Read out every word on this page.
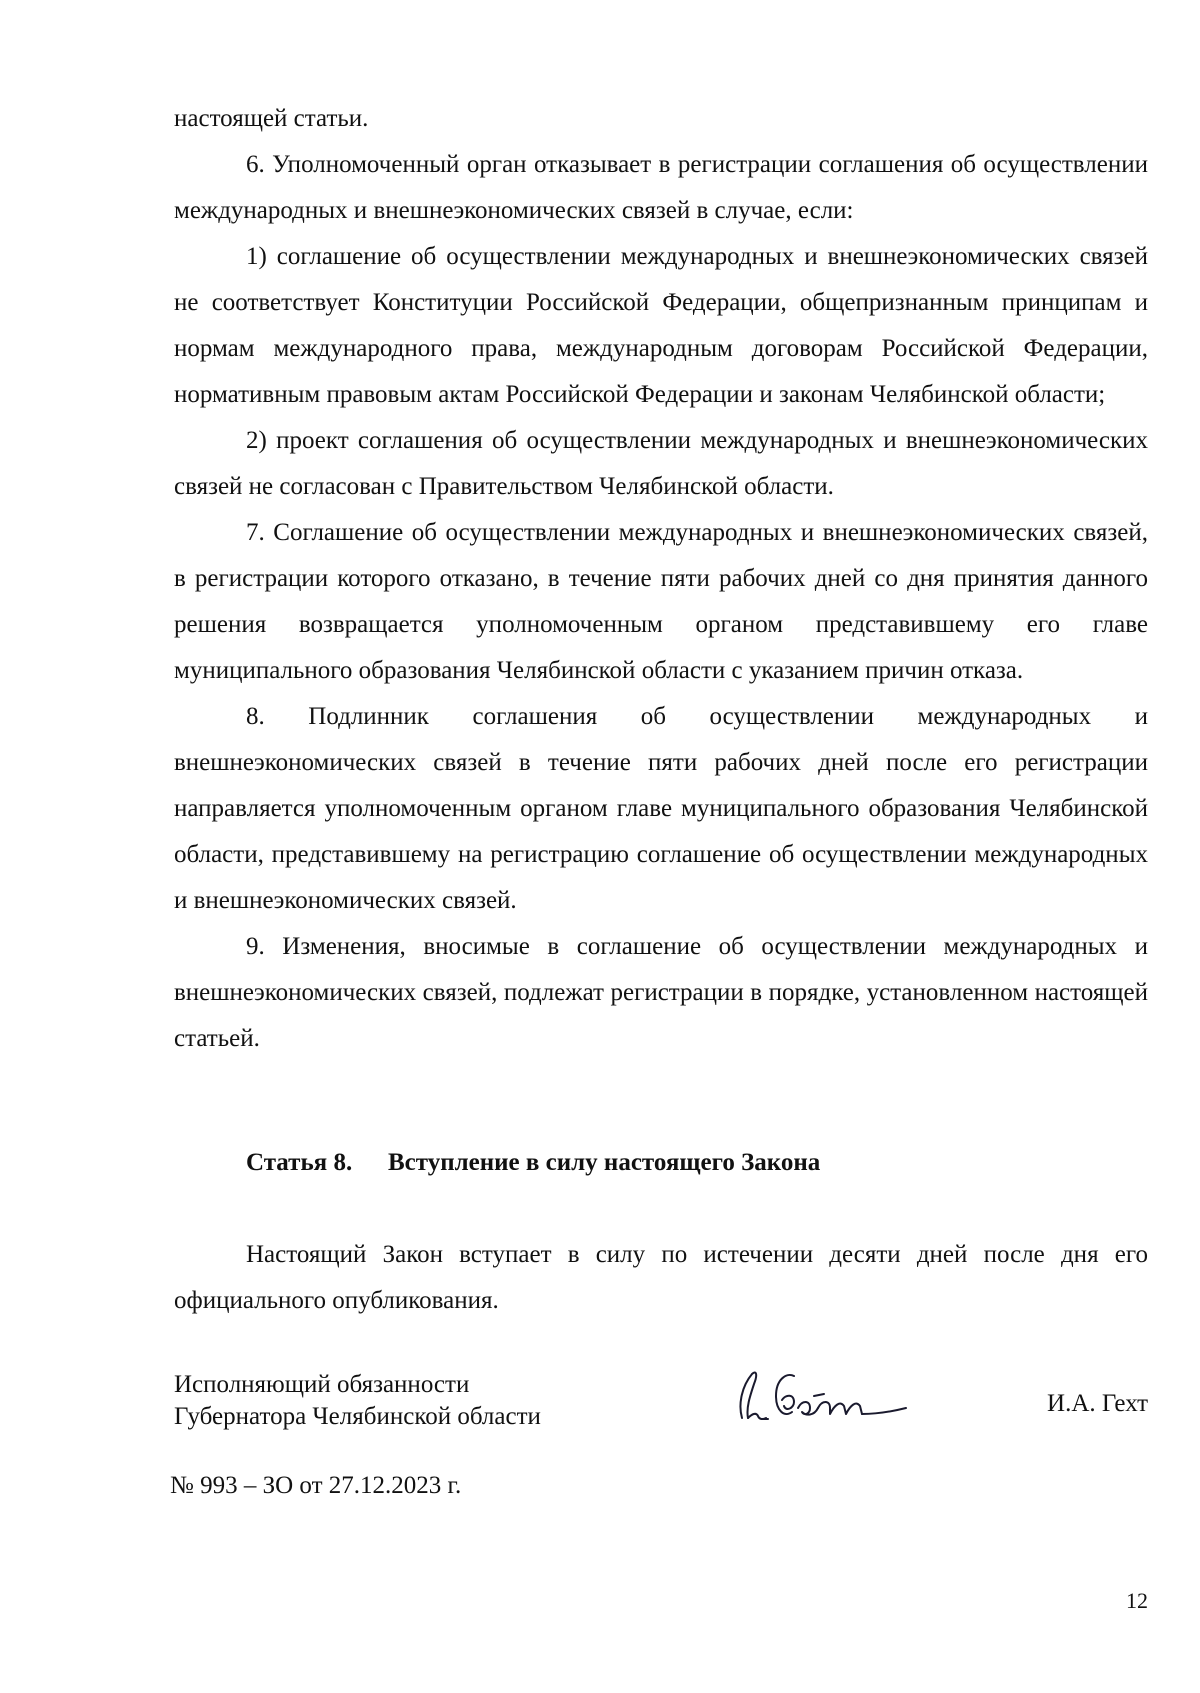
настоящей статьи.

6. Уполномоченный орган отказывает в регистрации соглашения об осуществлении международных и внешнеэкономических связей в случае, если:

1) соглашение об осуществлении международных и внешнеэкономических связей не соответствует Конституции Российской Федерации, общепризнанным принципам и нормам международного права, международным договорам Российской Федерации, нормативным правовым актам Российской Федерации и законам Челябинской области;

2) проект соглашения об осуществлении международных и внешнеэкономических связей не согласован с Правительством Челябинской области.

7. Соглашение об осуществлении международных и внешнеэкономических связей, в регистрации которого отказано, в течение пяти рабочих дней со дня принятия данного решения возвращается уполномоченным органом представившему его главе муниципального образования Челябинской области с указанием причин отказа.

8. Подлинник соглашения об осуществлении международных и внешнеэкономических связей в течение пяти рабочих дней после его регистрации направляется уполномоченным органом главе муниципального образования Челябинской области, представившему на регистрацию соглашение об осуществлении международных и внешнеэкономических связей.

9. Изменения, вносимые в соглашение об осуществлении международных и внешнеэкономических связей, подлежат регистрации в порядке, установленном настоящей статьей.

Статья 8. Вступление в силу настоящего Закона

Настоящий Закон вступает в силу по истечении десяти дней после дня его официального опубликования.

Исполняющий обязанности
Губернатора Челябинской области	И.А. Гехт
№ 993 – ЗО от 27.12.2023 г.
12
